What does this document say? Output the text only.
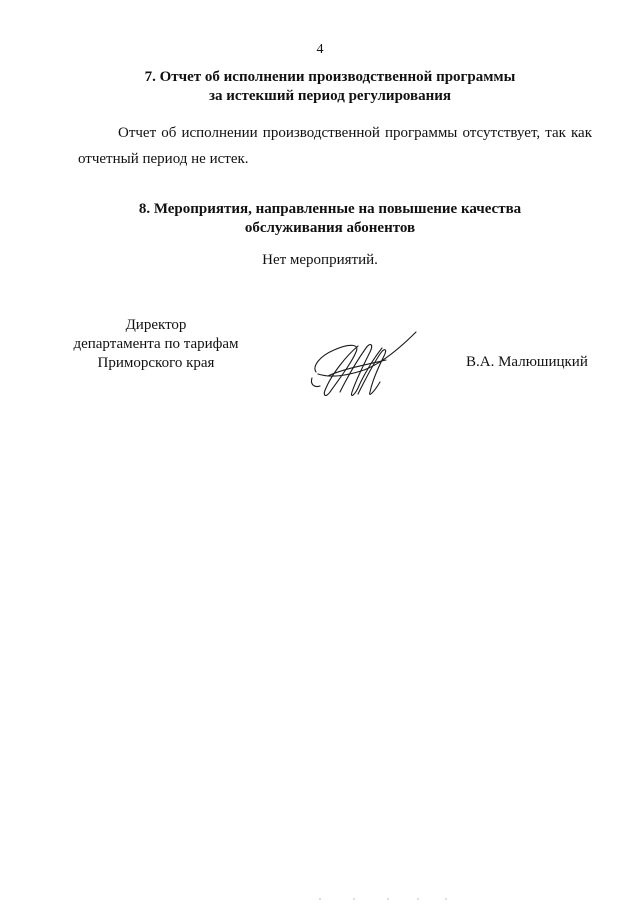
4
7. Отчет об исполнении производственной программы
за истекший период регулирования
Отчет об исполнении производственной программы отсутствует, так как
отчетный период не истек.
8. Мероприятия, направленные на повышение качества
обслуживания абонентов
Нет мероприятий.
Директор
департамента по тарифам
Приморского края	В.А. Малюшицкий
